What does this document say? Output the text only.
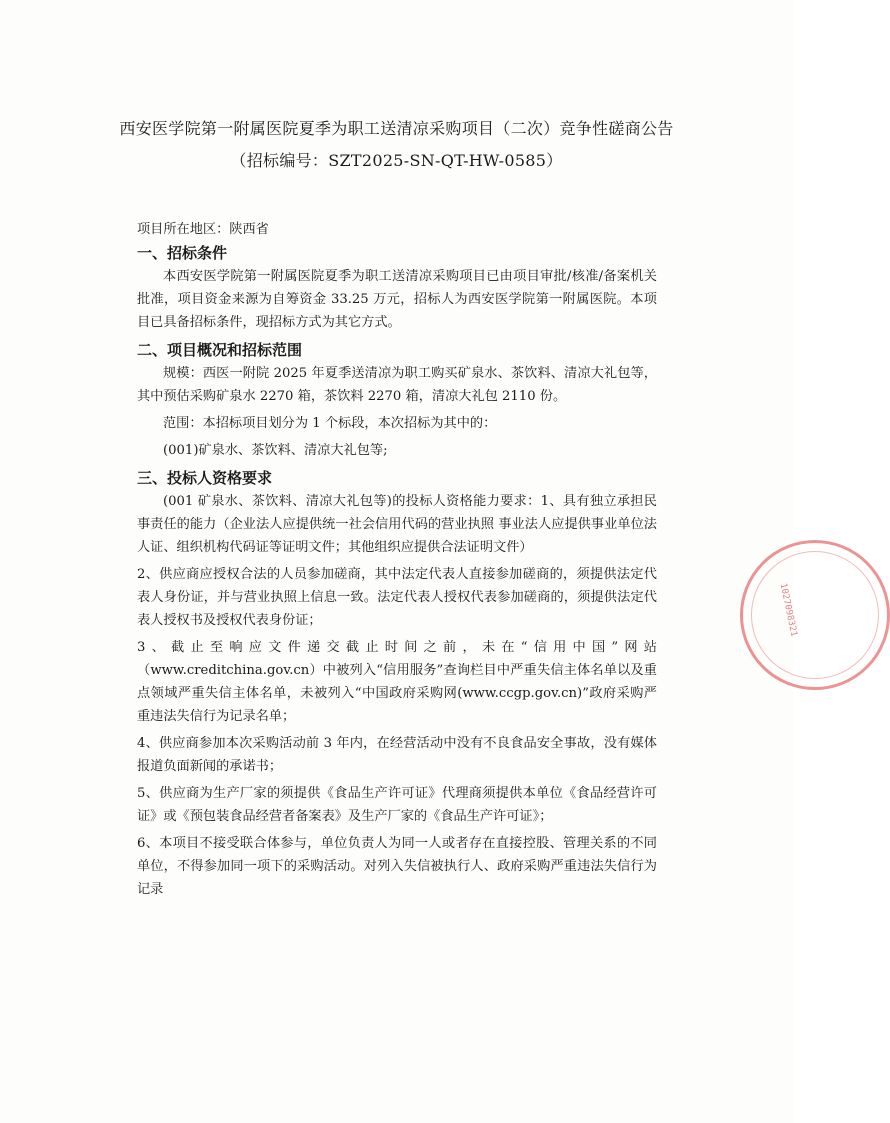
西安医学院第一附属医院夏季为职工送清凉采购项目（二次）竞争性磋商公告
（招标编号：SZT2025-SN-QT-HW-0585）

项目所在地区：陕西省

一、招标条件

本西安医学院第一附属医院夏季为职工送清凉采购项目已由项目审批/核准/备案机关批准，项目资金来源为自筹资金 33.25 万元，招标人为西安医学院第一附属医院。本项目已具备招标条件，现招标方式为其它方式。

二、项目概况和招标范围

规模：西医一附院 2025 年夏季送清凉为职工购买矿泉水、茶饮料、清凉大礼包等，其中预估采购矿泉水 2270 箱，茶饮料 2270 箱，清凉大礼包 2110 份。

范围：本招标项目划分为 1 个标段，本次招标为其中的：

(001)矿泉水、茶饮料、清凉大礼包等;

三、投标人资格要求

(001 矿泉水、茶饮料、清凉大礼包等)的投标人资格能力要求：1、具有独立承担民事责任的能力（企业法人应提供统一社会信用代码的营业执照 事业法人应提供事业单位法人证、组织机构代码证等证明文件；其他组织应提供合法证明文件）

2、供应商应授权合法的人员参加磋商，其中法定代表人直接参加磋商的，须提供法定代表人身份证，并与营业执照上信息一致。法定代表人授权代表参加磋商的，须提供法定代表人授权书及授权代表身份证；

3、截止至响应文件递交截止时间之前，未在“信用中国”网站（www.creditchina.gov.cn）中被列入“信用服务”查询栏目中严重失信主体名单以及重点领域严重失信主体名单，未被列入“中国政府采购网(www.ccgp.gov.cn)”政府采购严重违法失信行为记录名单；

4、供应商参加本次采购活动前 3 年内，在经营活动中没有不良食品安全事故，没有媒体报道负面新闻的承诺书；

5、供应商为生产厂家的须提供《食品生产许可证》代理商须提供本单位《食品经营许可证》或《预包装食品经营者备案表》及生产厂家的《食品生产许可证》；

6、本项目不接受联合体参与，单位负责人为同一人或者存在直接控股、管理关系的不同单位，不得参加同一项下的采购活动。对列入失信被执行人、政府采购严重违法失信行为记录

1027098321
